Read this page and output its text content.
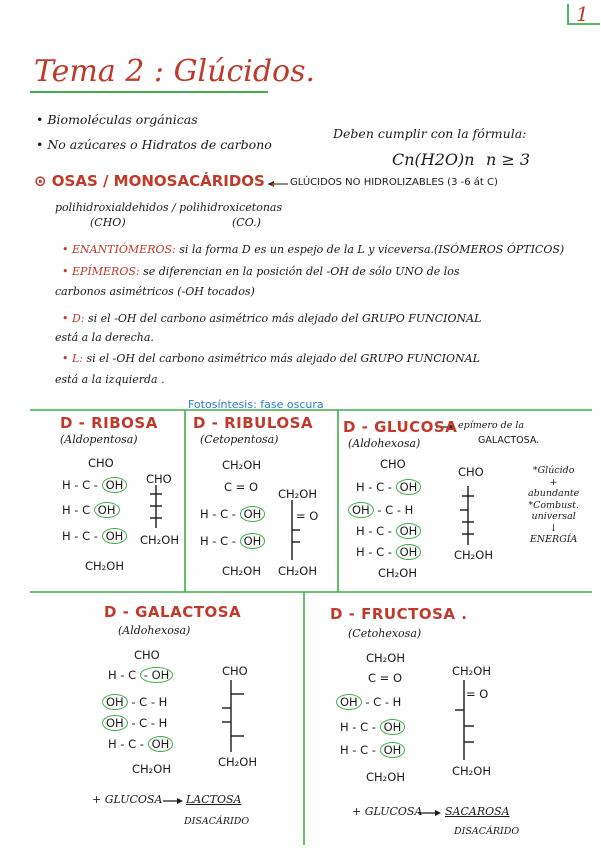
1
Tema 2 : Glúcidos.
• Biomoléculas orgánicas
• No azúcares o Hidratos de carbono
Deben cumplir con la fórmula:
Cn(H2O)n n ≥ 3
⊙ OSAS / MONOSACÁRIDOS . GLÚCIDOS NO HIDROLIZABLES (3 -6 át C)
polihidroxialdehidos / polihidroxicetonas
(CHO)	(CO.)
• ENANTIÓMEROS: si la forma D es un espejo de la L y viceversa.(ISÓMEROS ÓPTICOS)
• EPÍMEROS: se diferencian en la posición del -OH de sólo UNO de los
carbonos asimétricos (-OH tocados)
• D: si el -OH del carbono asimétrico más alejado del GRUPO FUNCIONAL
está a la derecha.
• L: si el -OH del carbono asimétrico más alejado del GRUPO FUNCIONAL
está a la izquierda .
Fotosíntesis: fase oscura
D - RIBOSA
(Aldopentosa)
CHO
H - C - OH
H - C OH
H - C - OH
CH₂OH
CHO
CH₂OH
D - RIBULOSA
(Cetopentosa)
CH₂OH
C = O
H - C - OH
H - C - OH
CH₂OH
CH₂OH
= O
CH₂OH
D - GLUCOSA epímero de la
GALACTOSA.
(Aldohexosa)
CHO
H - C - OH
OH - C - H
H - C - OH
H - C - OH
CH₂OH
CHO
CH₂OH
*Glúcido
+
abundante
*Combust.
universal
↓
ENERGÍA
D - GALACTOSA
(Aldohexosa)
CHO
H - C - OH
OH - C - H
OH - C - H
H - C - OH
CH₂OH
CHO
CH₂OH
+ GLUCOSA LACTOSA
DISACÁRIDO
D - FRUCTOSA .
(Cetohexosa)
CH₂OH
C = O
OH - C - H
H - C - OH
H - C - OH
CH₂OH
CH₂OH
= O
CH₂OH
+ GLUCOSA SACAROSA
DISACÁRIDO
